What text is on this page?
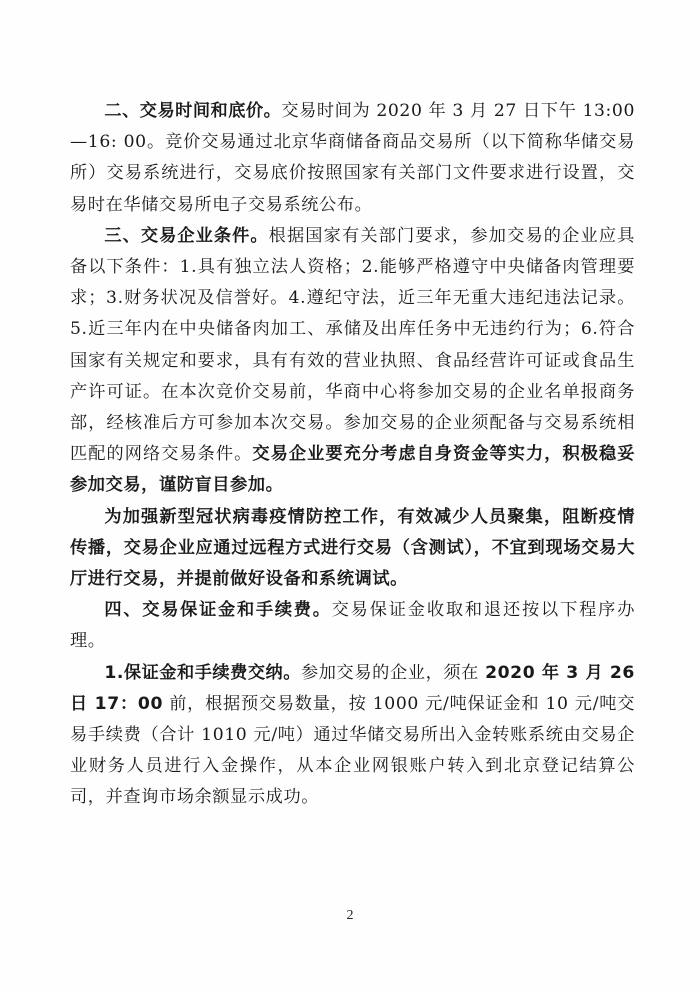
二、交易时间和底价。交易时间为 2020 年 3 月 27 日下午 13:00—16: 00。竞价交易通过北京华商储备商品交易所（以下简称华储交易所）交易系统进行，交易底价按照国家有关部门文件要求进行设置，交易时在华储交易所电子交易系统公布。

三、交易企业条件。根据国家有关部门要求，参加交易的企业应具备以下条件：1.具有独立法人资格；2.能够严格遵守中央储备肉管理要求；3.财务状况及信誉好。4.遵纪守法，近三年无重大违纪违法记录。5.近三年内在中央储备肉加工、承储及出库任务中无违约行为；6.符合国家有关规定和要求，具有有效的营业执照、食品经营许可证或食品生产许可证。在本次竞价交易前，华商中心将参加交易的企业名单报商务部，经核准后方可参加本次交易。参加交易的企业须配备与交易系统相匹配的网络交易条件。交易企业要充分考虑自身资金等实力，积极稳妥参加交易，谨防盲目参加。

为加强新型冠状病毒疫情防控工作，有效减少人员聚集，阻断疫情传播，交易企业应通过远程方式进行交易（含测试），不宜到现场交易大厅进行交易，并提前做好设备和系统调试。

四、交易保证金和手续费。交易保证金收取和退还按以下程序办理。

1.保证金和手续费交纳。参加交易的企业，须在 2020 年 3 月 26 日 17：00 前，根据预交易数量，按 1000 元/吨保证金和 10 元/吨交易手续费（合计 1010 元/吨）通过华储交易所出入金转账系统由交易企业财务人员进行入金操作，从本企业网银账户转入到北京登记结算公司，并查询市场余额显示成功。

2
